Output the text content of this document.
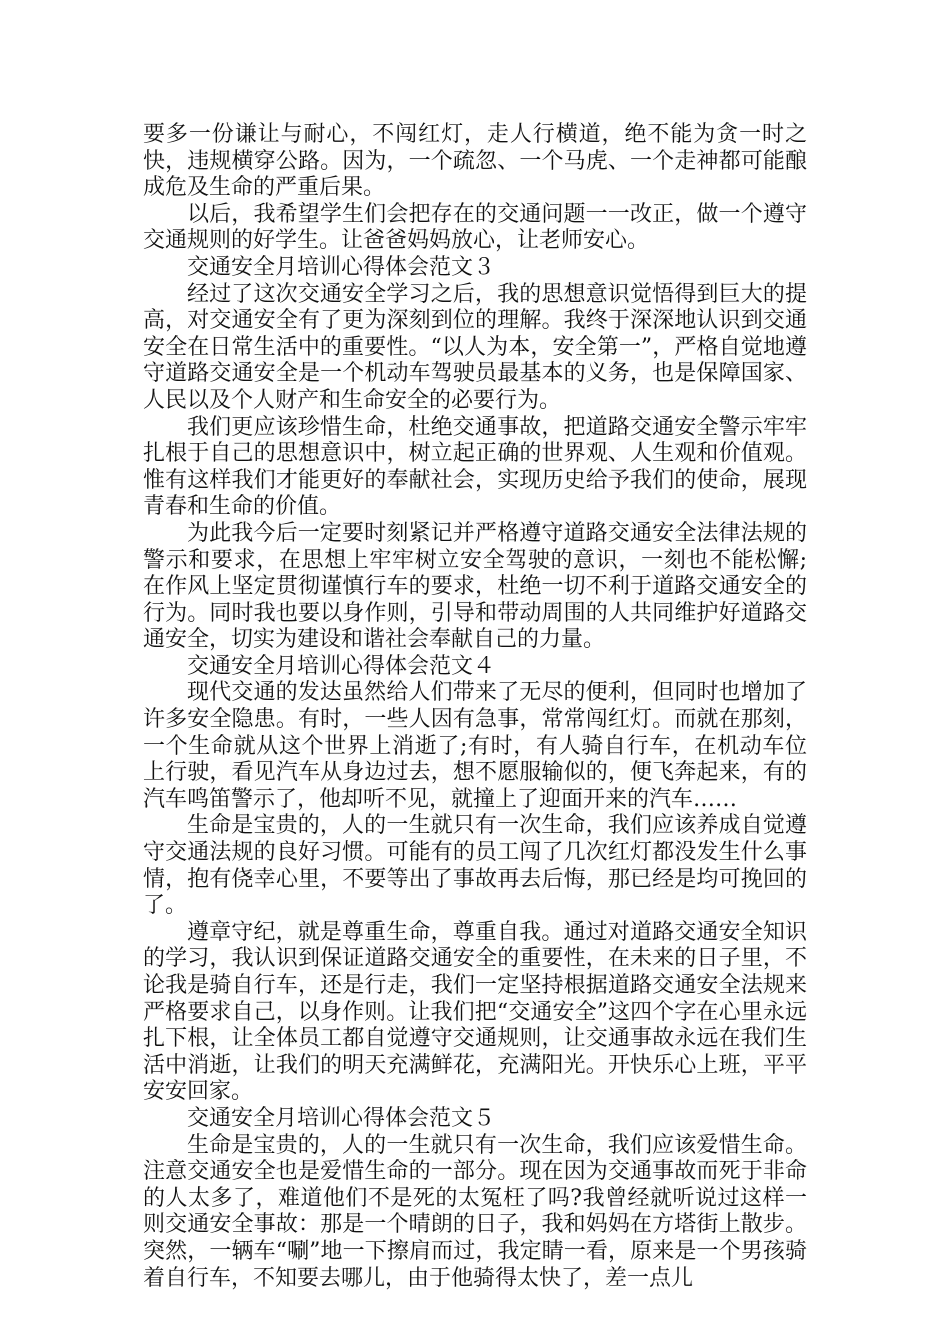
要多一份谦让与耐心，不闯红灯，走人行横道，绝不能为贪一时之快，违规横穿公路。因为，一个疏忽、一个马虎、一个走神都可能酿成危及生命的严重后果。

以后，我希望学生们会把存在的交通问题一一改正，做一个遵守交通规则的好学生。让爸爸妈妈放心，让老师安心。

交通安全月培训心得体会范文３

经过了这次交通安全学习之后，我的思想意识觉悟得到巨大的提高，对交通安全有了更为深刻到位的理解。我终于深深地认识到交通安全在日常生活中的重要性。“以人为本，安全第一”，严格自觉地遵守道路交通安全是一个机动车驾驶员最基本的义务，也是保障国家、人民以及个人财产和生命安全的必要行为。

我们更应该珍惜生命，杜绝交通事故，把道路交通安全警示牢牢扎根于自己的思想意识中，树立起正确的世界观、人生观和价值观。惟有这样我们才能更好的奉献社会，实现历史给予我们的使命，展现青春和生命的价值。

为此我今后一定要时刻紧记并严格遵守道路交通安全法律法规的警示和要求，在思想上牢牢树立安全驾驶的意识，一刻也不能松懈;在作风上坚定贯彻谨慎行车的要求，杜绝一切不利于道路交通安全的行为。同时我也要以身作则，引导和带动周围的人共同维护好道路交通安全，切实为建设和谐社会奉献自己的力量。

交通安全月培训心得体会范文４

现代交通的发达虽然给人们带来了无尽的便利，但同时也增加了许多安全隐患。有时，一些人因有急事，常常闯红灯。而就在那刻，一个生命就从这个世界上消逝了;有时，有人骑自行车，在机动车位上行驶，看见汽车从身边过去，想不愿服输似的，便飞奔起来，有的汽车鸣笛警示了，他却听不见，就撞上了迎面开来的汽车……

生命是宝贵的，人的一生就只有一次生命，我们应该养成自觉遵守交通法规的良好习惯。可能有的员工闯了几次红灯都没发生什么事情，抱有侥幸心里，不要等出了事故再去后悔，那已经是均可挽回的了。

遵章守纪，就是尊重生命，尊重自我。通过对道路交通安全知识的学习，我认识到保证道路交通安全的重要性，在未来的日子里，不论我是骑自行车，还是行走，我们一定坚持根据道路交通安全法规来严格要求自己，以身作则。让我们把“交通安全”这四个字在心里永远扎下根，让全体员工都自觉遵守交通规则，让交通事故永远在我们生活中消逝，让我们的明天充满鲜花，充满阳光。开快乐心上班，平平安安回家。

交通安全月培训心得体会范文５

生命是宝贵的，人的一生就只有一次生命，我们应该爱惜生命。注意交通安全也是爱惜生命的一部分。现在因为交通事故而死于非命的人太多了，难道他们不是死的太冤枉了吗?我曾经就听说过这样一则交通安全事故：那是一个晴朗的日子，我和妈妈在方塔街上散步。突然，一辆车“唰”地一下擦肩而过，我定睛一看，原来是一个男孩骑着自行车，不知要去哪儿，由于他骑得太快了，差一点儿
